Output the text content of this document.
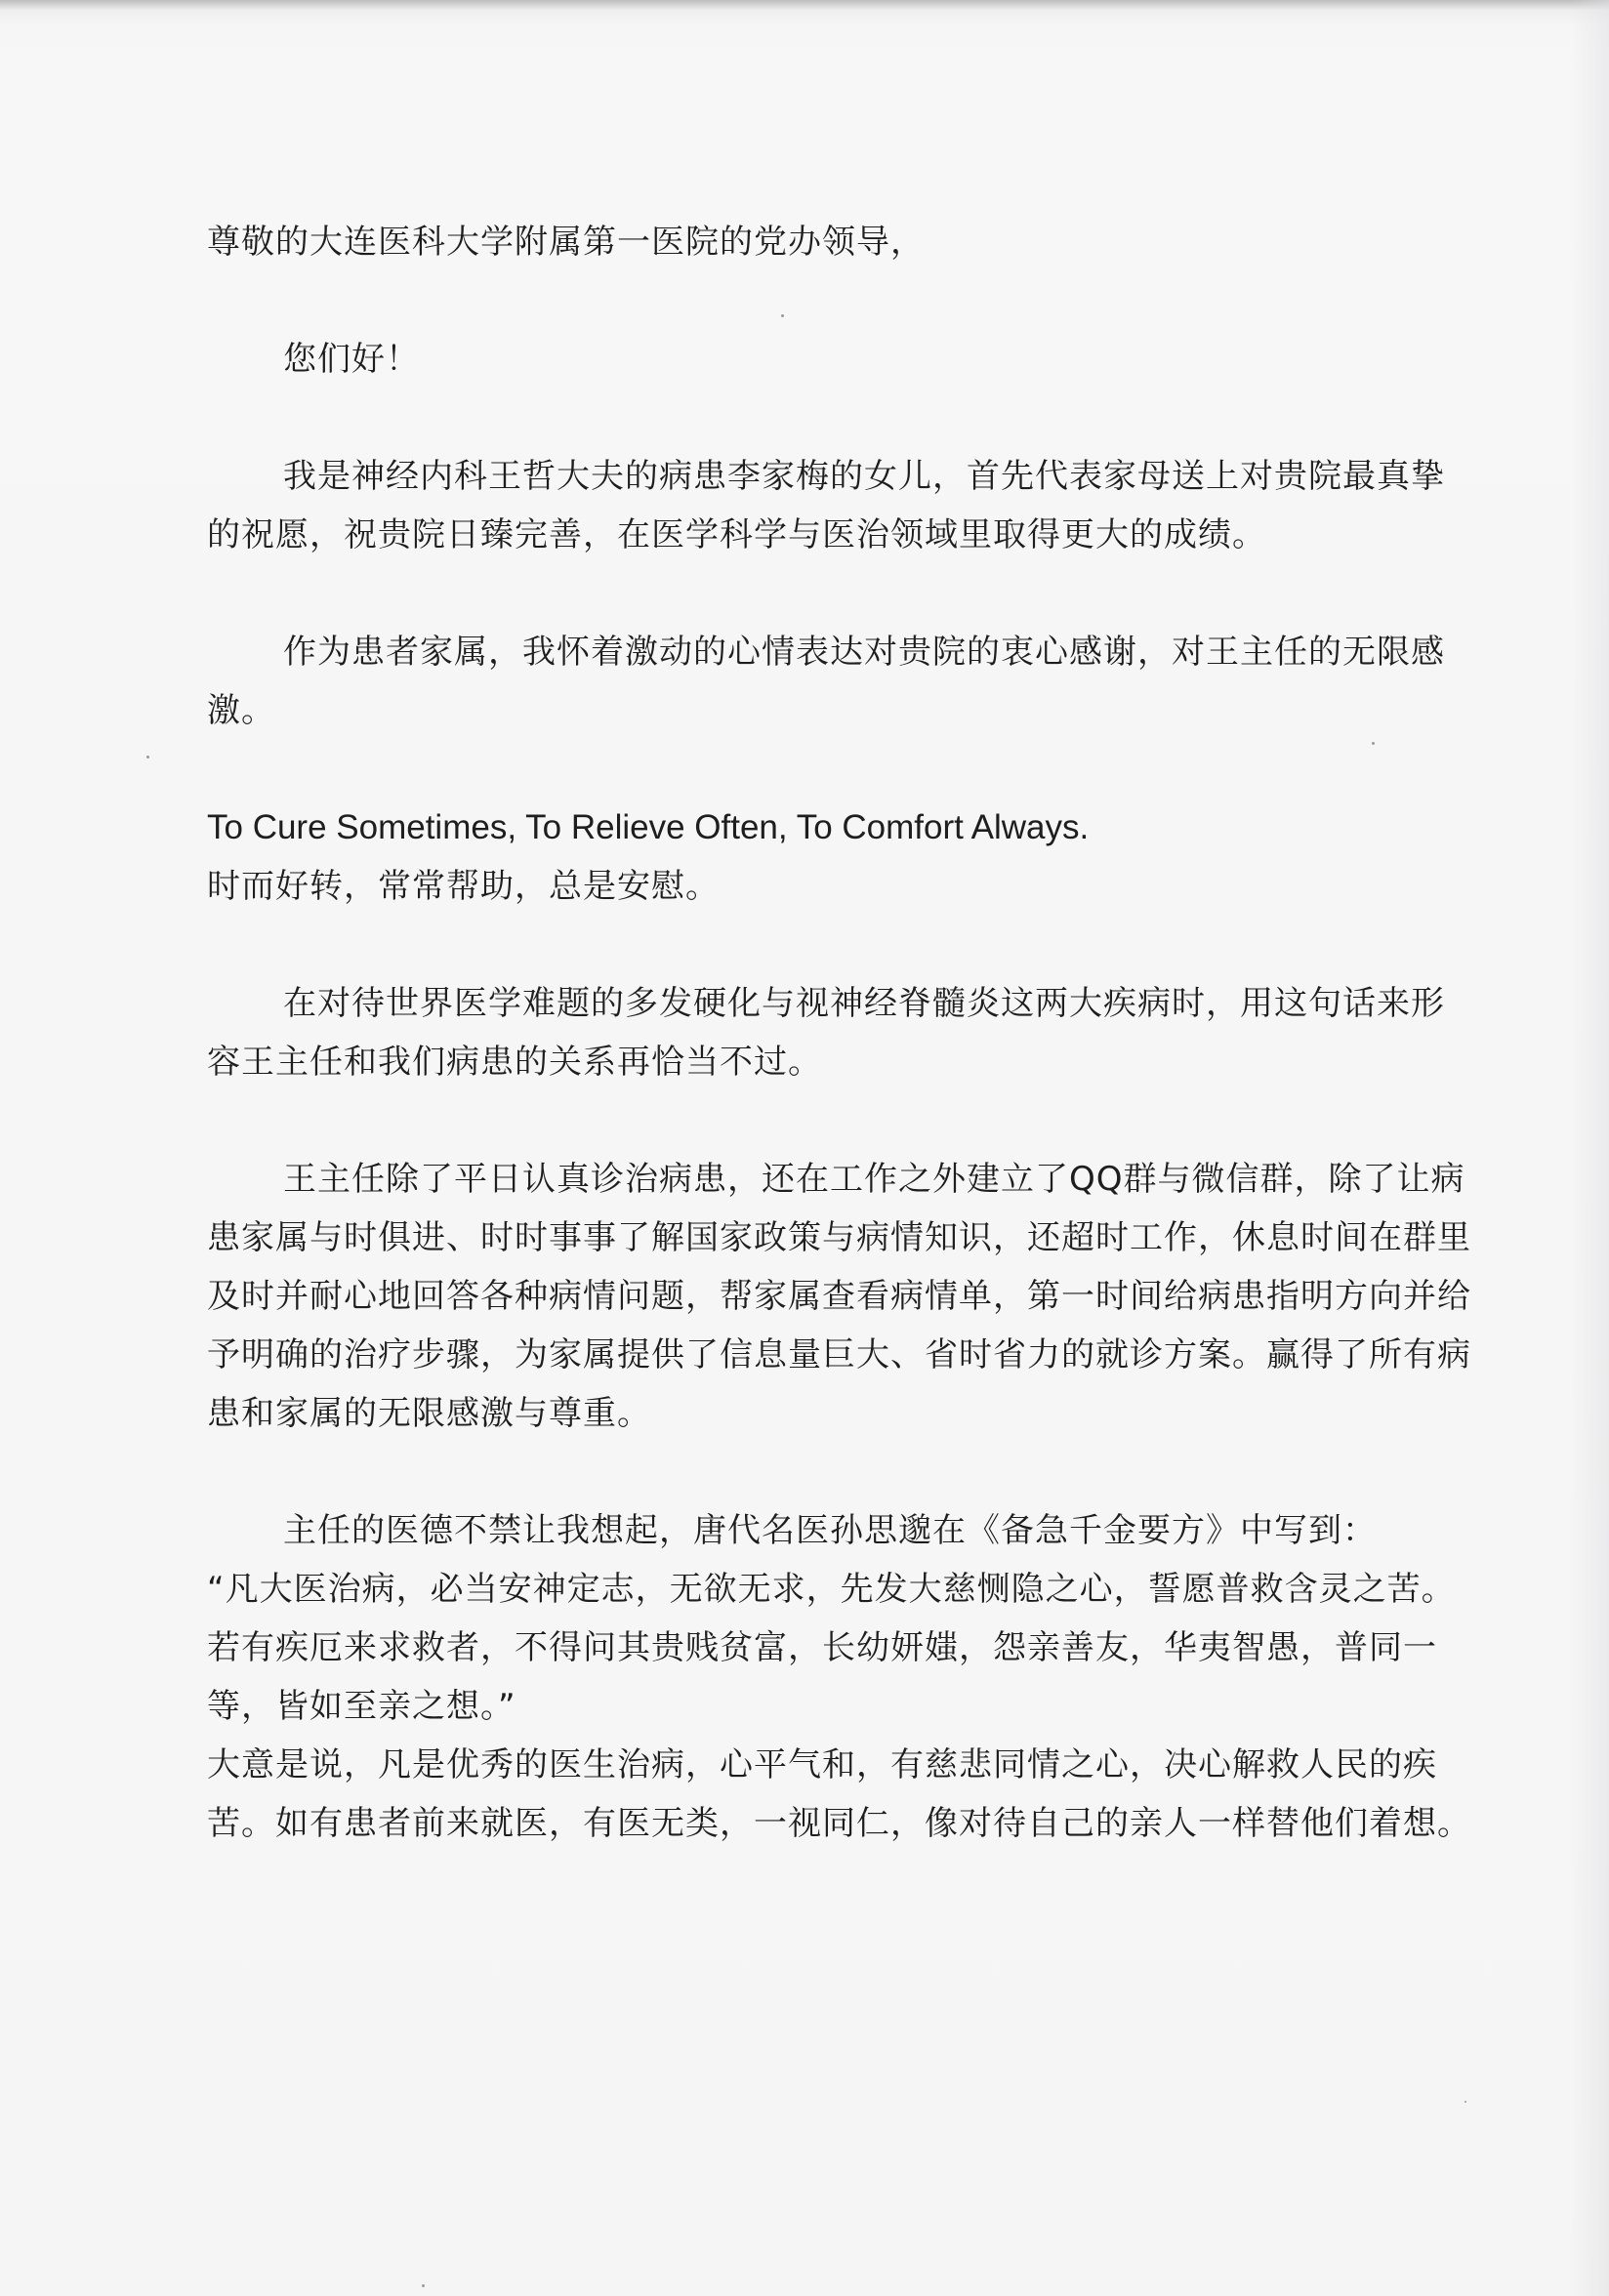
尊敬的大连医科大学附属第一医院的党办领导，

您们好！

我是神经内科王哲大夫的病患李家梅的女儿，首先代表家母送上对贵院最真挚的祝愿，祝贵院日臻完善，在医学科学与医治领域里取得更大的成绩。

作为患者家属，我怀着激动的心情表达对贵院的衷心感谢，对王主任的无限感激。

To Cure Sometimes, To Relieve Often, To Comfort Always.

时而好转，常常帮助，总是安慰。

在对待世界医学难题的多发硬化与视神经脊髓炎这两大疾病时，用这句话来形容王主任和我们病患的关系再恰当不过。

王主任除了平日认真诊治病患，还在工作之外建立了QQ群与微信群，除了让病患家属与时俱进、时时事事了解国家政策与病情知识，还超时工作，休息时间在群里及时并耐心地回答各种病情问题，帮家属查看病情单，第一时间给病患指明方向并给予明确的治疗步骤，为家属提供了信息量巨大、省时省力的就诊方案。赢得了所有病患和家属的无限感激与尊重。

主任的医德不禁让我想起，唐代名医孙思邈在《备急千金要方》中写到：

“凡大医治病，必当安神定志，无欲无求，先发大慈恻隐之心，誓愿普救含灵之苦。若有疾厄来求救者，不得问其贵贱贫富，长幼妍媸，怨亲善友，华夷智愚，普同一等，皆如至亲之想。”

大意是说，凡是优秀的医生治病，心平气和，有慈悲同情之心，决心解救人民的疾苦。如有患者前来就医，有医无类，一视同仁，像对待自己的亲人一样替他们着想。
